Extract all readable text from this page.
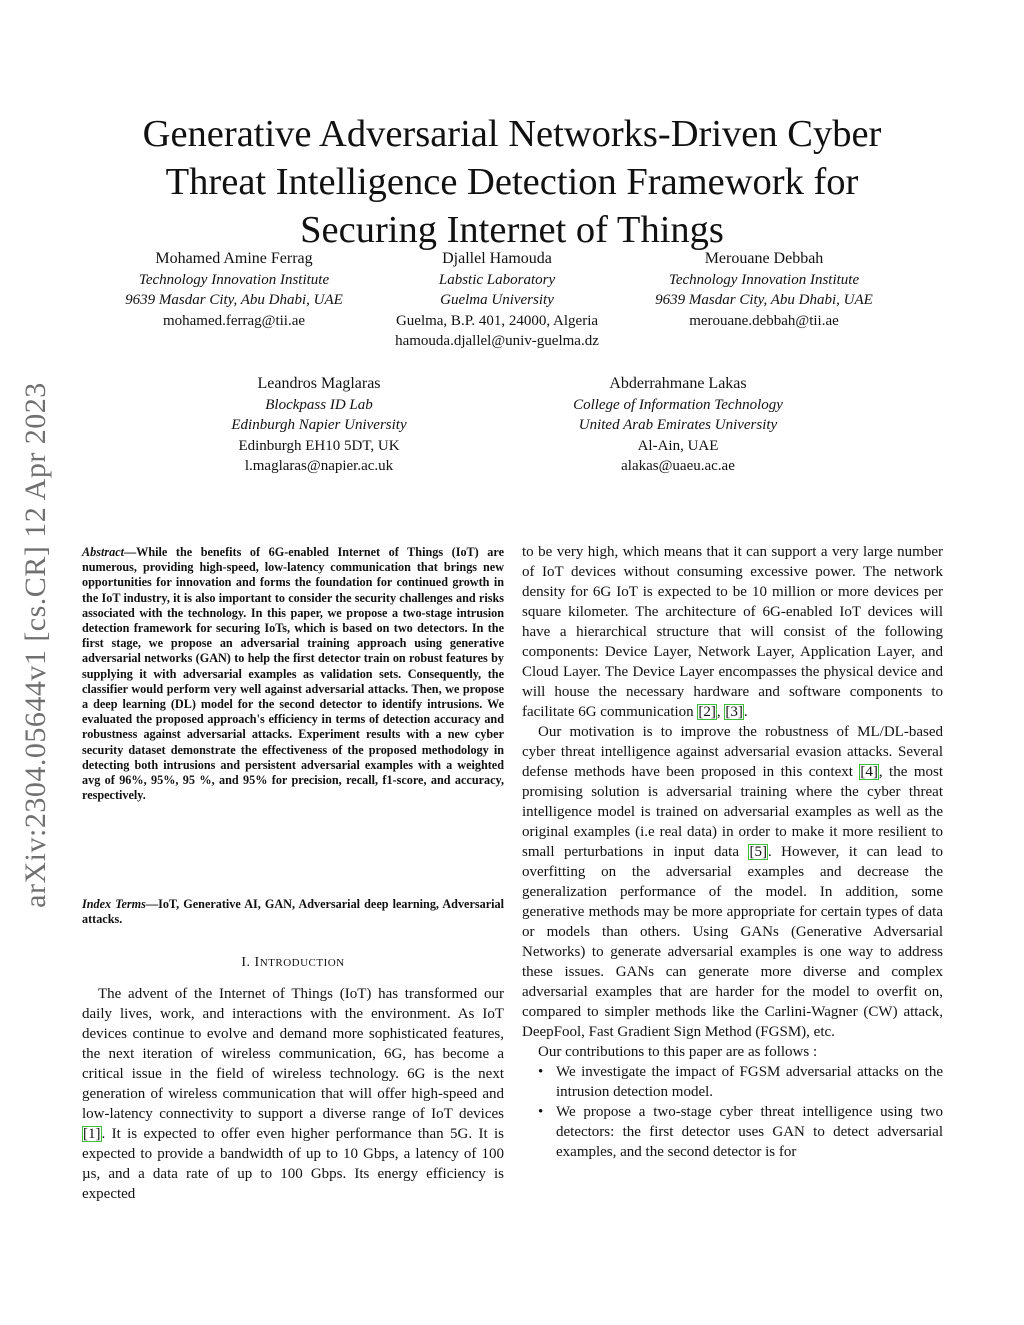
arXiv:2304.05644v1 [cs.CR] 12 Apr 2023
Generative Adversarial Networks-Driven Cyber Threat Intelligence Detection Framework for Securing Internet of Things
Mohamed Amine Ferrag
Technology Innovation Institute
9639 Masdar City, Abu Dhabi, UAE
mohamed.ferrag@tii.ae
Djallel Hamouda
Labstic Laboratory
Guelma University
Guelma, B.P. 401, 24000, Algeria
hamouda.djallel@univ-guelma.dz
Merouane Debbah
Technology Innovation Institute
9639 Masdar City, Abu Dhabi, UAE
merouane.debbah@tii.ae
Leandros Maglaras
Blockpass ID Lab
Edinburgh Napier University
Edinburgh EH10 5DT, UK
l.maglaras@napier.ac.uk
Abderrahmane Lakas
College of Information Technology
United Arab Emirates University
Al-Ain, UAE
alakas@uaeu.ac.ae
Abstract—While the benefits of 6G-enabled Internet of Things (IoT) are numerous, providing high-speed, low-latency communication that brings new opportunities for innovation and forms the foundation for continued growth in the IoT industry, it is also important to consider the security challenges and risks associated with the technology. In this paper, we propose a two-stage intrusion detection framework for securing IoTs, which is based on two detectors. In the first stage, we propose an adversarial training approach using generative adversarial networks (GAN) to help the first detector train on robust features by supplying it with adversarial examples as validation sets. Consequently, the classifier would perform very well against adversarial attacks. Then, we propose a deep learning (DL) model for the second detector to identify intrusions. We evaluated the proposed approach's efficiency in terms of detection accuracy and robustness against adversarial attacks. Experiment results with a new cyber security dataset demonstrate the effectiveness of the proposed methodology in detecting both intrusions and persistent adversarial examples with a weighted avg of 96%, 95%, 95 %, and 95% for precision, recall, f1-score, and accuracy, respectively.
Index Terms—IoT, Generative AI, GAN, Adversarial deep learning, Adversarial attacks.
I. INTRODUCTION

The advent of the Internet of Things (IoT) has transformed our daily lives, work, and interactions with the environment. As IoT devices continue to evolve and demand more sophisticated features, the next iteration of wireless communication, 6G, has become a critical issue in the field of wireless technology. 6G is the next generation of wireless communication that will offer high-speed and low-latency connectivity to support a diverse range of IoT devices [1]. It is expected to offer even higher performance than 5G. It is expected to provide a bandwidth of up to 10 Gbps, a latency of 100 µs, and a data rate of up to 100 Gbps. Its energy efficiency is expected

to be very high, which means that it can support a very large number of IoT devices without consuming excessive power. The network density for 6G IoT is expected to be 10 million or more devices per square kilometer. The architecture of 6G-enabled IoT devices will have a hierarchical structure that will consist of the following components: Device Layer, Network Layer, Application Layer, and Cloud Layer. The Device Layer encompasses the physical device and will house the necessary hardware and software components to facilitate 6G communication [2], [3].

Our motivation is to improve the robustness of ML/DL-based cyber threat intelligence against adversarial evasion attacks. Several defense methods have been proposed in this context [4], the most promising solution is adversarial training where the cyber threat intelligence model is trained on adversarial examples as well as the original examples (i.e real data) in order to make it more resilient to small perturbations in input data [5]. However, it can lead to overfitting on the adversarial examples and decrease the generalization performance of the model. In addition, some generative methods may be more appropriate for certain types of data or models than others. Using GANs (Generative Adversarial Networks) to generate adversarial examples is one way to address these issues. GANs can generate more diverse and complex adversarial examples that are harder for the model to overfit on, compared to simpler methods like the Carlini-Wagner (CW) attack, DeepFool, Fast Gradient Sign Method (FGSM), etc.

Our contributions to this paper are as follows :

• We investigate the impact of FGSM adversarial attacks on the intrusion detection model.
• We propose a two-stage cyber threat intelligence using two detectors: the first detector uses GAN to detect adversarial examples, and the second detector is for
